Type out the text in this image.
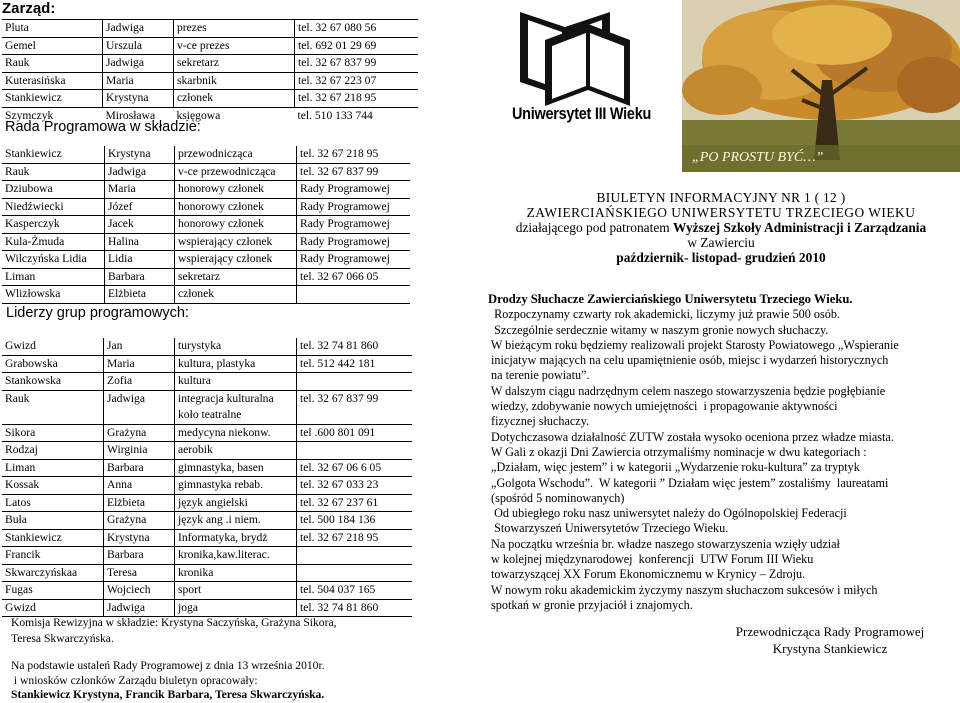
Zarząd:
Pluta	Jadwiga	prezes	tel. 32 67 080 56
Gemel	Urszula	v-ce prezes	tel. 692 01 29 69
Rauk	Jadwiga	sekretarz	tel. 32 67 837 99
Kuterasińska	Maria	skarbnik	tel. 32 67 223 07
Stankiewicz	Krystyna	członek	tel. 32 67 218 95
Szymczyk	Mirosława	księgowa	tel. 510 133 744
Rada Programowa w składzie:
Stankiewicz	Krystyna	przewodnicząca	tel. 32 67 218 95
Rauk	Jadwiga	v-ce przewodnicząca	tel. 32 67 837 99
Dziubowa	Maria	honorowy członek	Rady Programowej
Niedźwiecki	Józef	honorowy członek	Rady Programowej
Kasperczyk	Jacek	honorowy członek	Rady Programowej
Kula-Żmuda	Halina	wspierający członek	Rady Programowej
Wilczyńska Lidia	Lidia	wspierający członek	Rady Programowej
Liman	Barbara	sekretarz	tel. 32 67 066 05
Wlizłowska	Elżbieta	członek	
Liderzy grup programowych:
Gwizd	Jan	turystyka	tel. 32 74 81 860
Grabowska	Maria	kultura, plastyka	tel. 512 442 181
Stankowska	Zofia	kultura	
Rauk	Jadwiga	integracja kulturalna	tel. 32 67 837 99
		koło teatralne	
Sikora	Grażyna	medycyna niekonw.	tel .600 801 091
Rodzaj	Wirginia	aerobik	
Liman	Barbara	gimnastyka, basen	tel. 32 67 06 6 05
Kossak	Anna	gimnastyka rebab.	tel. 32 67 033 23
Latos	Elżbieta	język angielski	tel. 32 67 237 61
Buła	Grażyna	język ang .i niem.	tel. 500 184 136
Stankiewicz	Krystyna	Informatyka, brydż	tel. 32 67 218 95
Francik	Barbara	kronika,kaw.literac.	
Skwarczyńskaa	Teresa	kronika	
Fugas	Wojciech	sport	tel. 504 037 165
Gwizd	Jadwiga	joga	tel. 32 74 81 860
Komisja Rewizyjna w składzie: Krystyna Saczyńska, Grażyna Sikora,
Teresa Skwarczyńska.
Na podstawie ustaleń Rady Programowej z dnia 13 września 2010r.
i wniosków członków Zarządu biuletyn opracowały:
Stankiewicz Krystyna, Francik Barbara, Teresa Skwarczyńska.
Uniwersytet III Wieku
„PO PROSTU BYĆ…”
BIULETYN INFORMACYJNY NR 1 ( 12 )
ZAWIERCIAŃSKIEGO UNIWERSYTETU TRZECIEGO WIEKU
działającego pod patronatem Wyższej Szkoły Administracji i Zarządzania
w Zawierciu
październik- listopad- grudzień 2010

Drodzy Słuchacze Zawierciańskiego Uniwersytetu Trzeciego Wieku.

Rozpoczynamy czwarty rok akademicki, liczymy już prawie 500 osób.

Szczególnie serdecznie witamy w naszym gronie nowych słuchaczy.

W bieżącym roku będziemy realizowali projekt Starosty Powiatowego „Wspieranie

inicjatyw mających na celu upamiętnienie osób, miejsc i wydarzeń historycznych

na terenie powiatu”.

W dalszym ciągu nadrzędnym celem naszego stowarzyszenia będzie pogłębianie

wiedzy, zdobywanie nowych umiejętności  i propagowanie aktywności

fizycznej słuchaczy.

Dotychczasowa działalność ZUTW została wysoko oceniona przez władze miasta.

W Gali z okazji Dni Zawiercia otrzymaliśmy nominacje w dwu kategoriach :

„Działam, więc jestem” i w kategorii „Wydarzenie roku-kultura” za tryptyk

„Golgota Wschodu”.  W kategorii ” Działam więc jestem” zostaliśmy  laureatami

(spośród 5 nominowanych)

Od ubiegłego roku nasz uniwersytet należy do Ogólnopolskiej Federacji

Stowarzyszeń Uniwersytetów Trzeciego Wieku.

Na początku września br. władze naszego stowarzyszenia wzięły udział

w kolejnej międzynarodowej  konferencji  UTW Forum III Wieku

towarzyszącej XX Forum Ekonomicznemu w Krynicy – Zdroju.

W nowym roku akademickim życzymy naszym słuchaczom sukcesów i miłych

spotkań w gronie przyjaciół i znajomych.

Przewodnicząca Rady Programowej
Krystyna Stankiewicz
